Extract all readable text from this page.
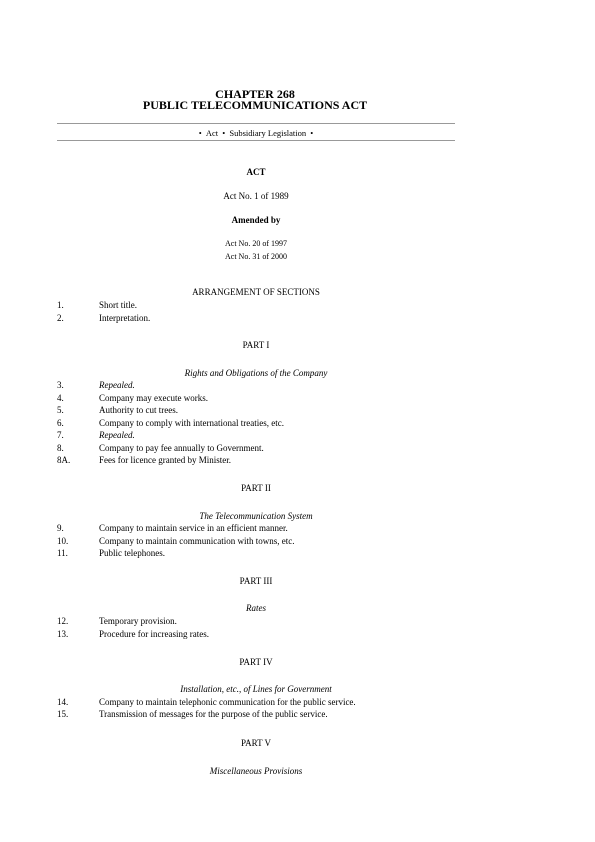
CHAPTER 268
PUBLIC TELECOMMUNICATIONS ACT
• Act • Subsidiary Legislation •
ACT
Act No. 1 of 1989
Amended by
Act No. 20 of 1997
Act No. 31 of 2000
ARRANGEMENT OF SECTIONS
1.	Short title.
2.	Interpretation.
PART I
Rights and Obligations of the Company
3.	Repealed.
4.	Company may execute works.
5.	Authority to cut trees.
6.	Company to comply with international treaties, etc.
7.	Repealed.
8.	Company to pay fee annually to Government.
8A.	Fees for licence granted by Minister.
PART II
The Telecommunication System
9.	Company to maintain service in an efficient manner.
10.	Company to maintain communication with towns, etc.
11.	Public telephones.
PART III
Rates
12.	Temporary provision.
13.	Procedure for increasing rates.
PART IV
Installation, etc., of Lines for Government
14.	Company to maintain telephonic communication for the public service.
15.	Transmission of messages for the purpose of the public service.
PART V
Miscellaneous Provisions
